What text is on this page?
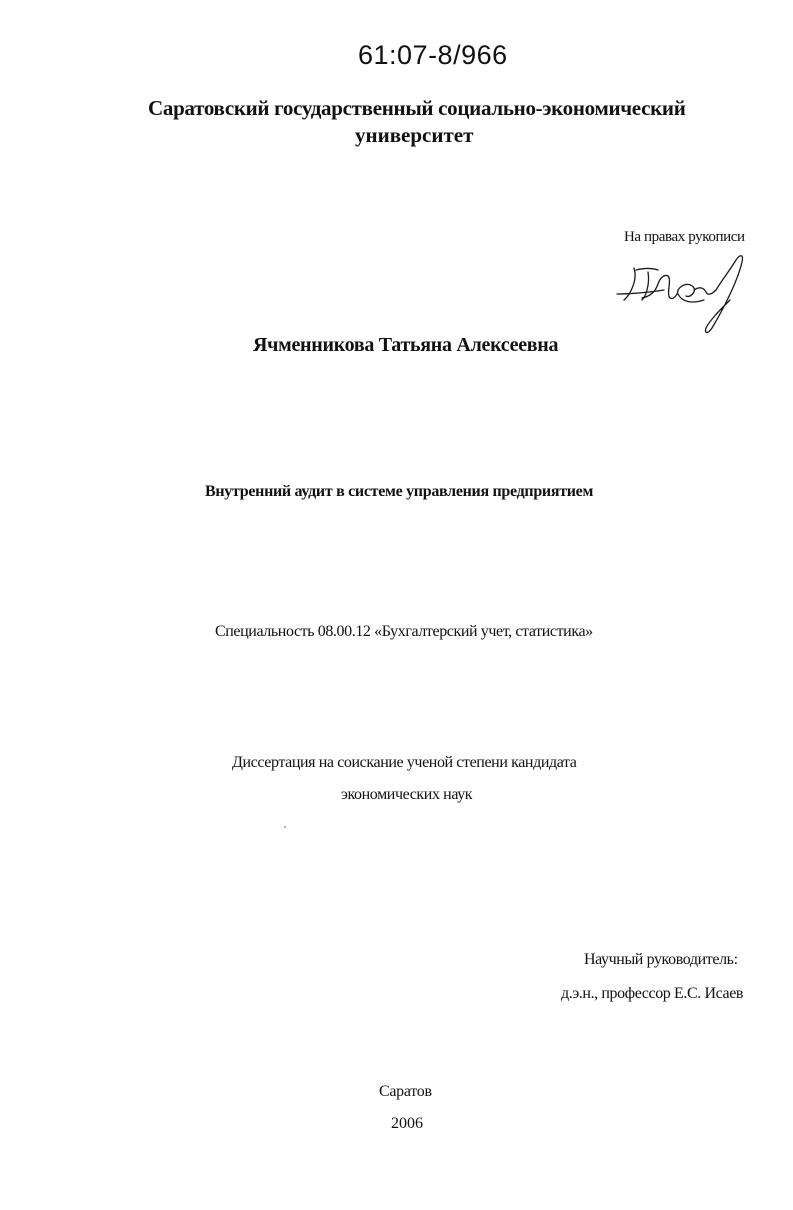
61:07-8/966

Саратовский государственный социально-экономический

университет

На правах рукописи

Ячменникова Татьяна Алексеевна

Внутренний аудит в системе управления предприятием

Специальность 08.00.12 «Бухгалтерский учет, статистика»

Диссертация на соискание ученой степени кандидата

экономических наук

Научный руководитель:

д.э.н., профессор Е.С. Исаев

Саратов

2006
